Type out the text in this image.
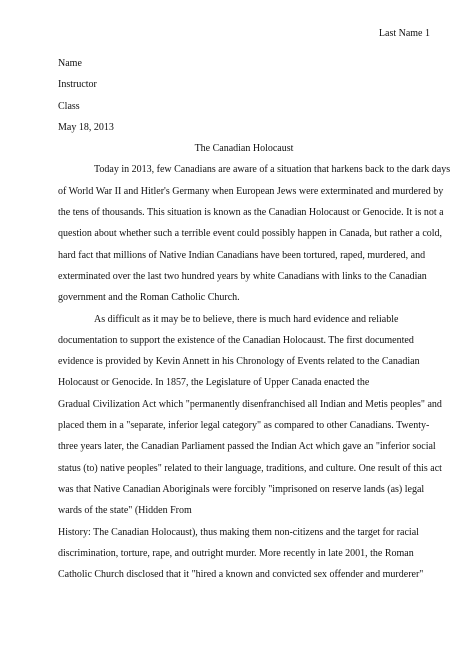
Last Name 1

Name

Instructor

Class

May 18, 2013

The Canadian Holocaust

Today in 2013, few Canadians are aware of a situation that harkens back to the dark days
of World War II and Hitler's Germany when European Jews were exterminated and murdered by
the tens of thousands. This situation is known as the Canadian Holocaust or Genocide. It is not a
question about whether such a terrible event could possibly happen in Canada, but rather a cold,
hard fact that millions of Native Indian Canadians have been tortured, raped, murdered, and
exterminated over the last two hundred years by white Canadians with links to the Canadian
government and the Roman Catholic Church.
As difficult as it may be to believe, there is much hard evidence and reliable
documentation to support the existence of the Canadian Holocaust. The first documented
evidence is provided by Kevin Annett in his Chronology of Events related to the Canadian
Holocaust or Genocide. In 1857, the Legislature of Upper Canada enacted the
Gradual Civilization Act which "permanently disenfranchised all Indian and Metis peoples" and
placed them in a "separate, inferior legal category" as compared to other Canadians. Twenty-
three years later, the Canadian Parliament passed the Indian Act which gave an "inferior social
status (to) native peoples" related to their language, traditions, and culture. One result of this act
was that Native Canadian Aboriginals were forcibly "imprisoned on reserve lands (as) legal
wards of the state" (Hidden From
History: The Canadian Holocaust), thus making them non-citizens and the target for racial
discrimination, torture, rape, and outright murder. More recently in late 2001, the Roman
Catholic Church disclosed that it "hired a known and convicted sex offender and murderer"
